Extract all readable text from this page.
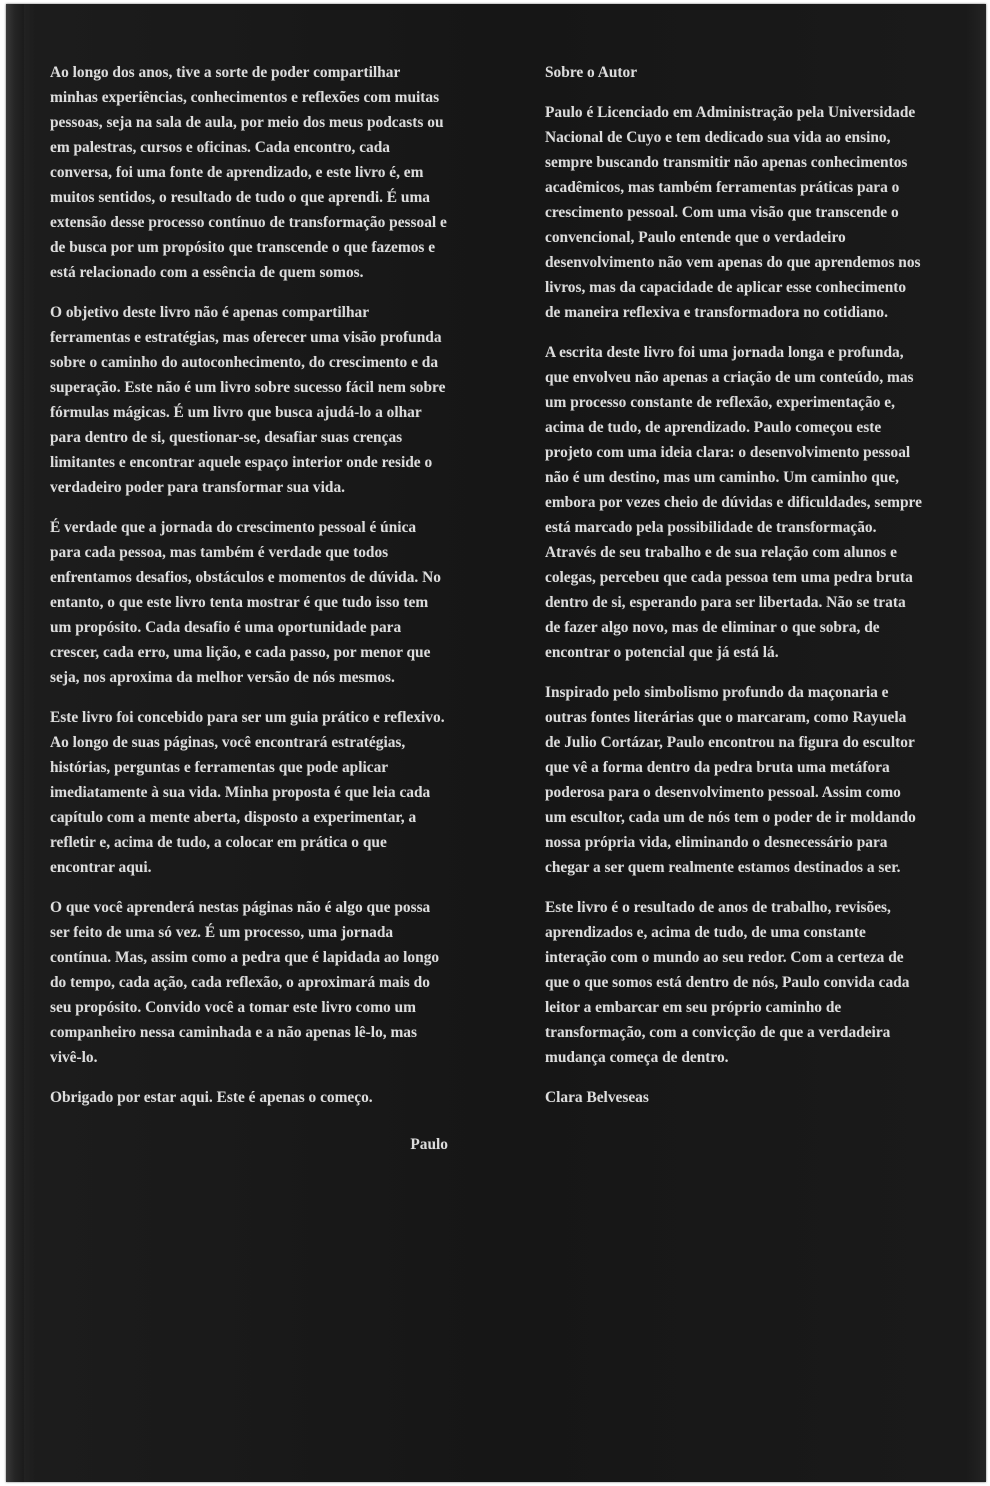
Ao longo dos anos, tive a sorte de poder compartilhar minhas experiências, conhecimentos e reflexões com muitas pessoas, seja na sala de aula, por meio dos meus podcasts ou em palestras, cursos e oficinas. Cada encontro, cada conversa, foi uma fonte de aprendizado, e este livro é, em muitos sentidos, o resultado de tudo o que aprendi. É uma extensão desse processo contínuo de transformação pessoal e de busca por um propósito que transcende o que fazemos e está relacionado com a essência de quem somos.

O objetivo deste livro não é apenas compartilhar ferramentas e estratégias, mas oferecer uma visão profunda sobre o caminho do autoconhecimento, do crescimento e da superação. Este não é um livro sobre sucesso fácil nem sobre fórmulas mágicas. É um livro que busca ajudá-lo a olhar para dentro de si, questionar-se, desafiar suas crenças limitantes e encontrar aquele espaço interior onde reside o verdadeiro poder para transformar sua vida.

É verdade que a jornada do crescimento pessoal é única para cada pessoa, mas também é verdade que todos enfrentamos desafios, obstáculos e momentos de dúvida. No entanto, o que este livro tenta mostrar é que tudo isso tem um propósito. Cada desafio é uma oportunidade para crescer, cada erro, uma lição, e cada passo, por menor que seja, nos aproxima da melhor versão de nós mesmos.

Este livro foi concebido para ser um guia prático e reflexivo. Ao longo de suas páginas, você encontrará estratégias, histórias, perguntas e ferramentas que pode aplicar imediatamente à sua vida. Minha proposta é que leia cada capítulo com a mente aberta, disposto a experimentar, a refletir e, acima de tudo, a colocar em prática o que encontrar aqui.

O que você aprenderá nestas páginas não é algo que possa ser feito de uma só vez. É um processo, uma jornada contínua. Mas, assim como a pedra que é lapidada ao longo do tempo, cada ação, cada reflexão, o aproximará mais do seu propósito. Convido você a tomar este livro como um companheiro nessa caminhada e a não apenas lê-lo, mas vivê-lo.

Obrigado por estar aqui. Este é apenas o começo.

Paulo

Sobre o Autor

Paulo é Licenciado em Administração pela Universidade Nacional de Cuyo e tem dedicado sua vida ao ensino, sempre buscando transmitir não apenas conhecimentos acadêmicos, mas também ferramentas práticas para o crescimento pessoal. Com uma visão que transcende o convencional, Paulo entende que o verdadeiro desenvolvimento não vem apenas do que aprendemos nos livros, mas da capacidade de aplicar esse conhecimento de maneira reflexiva e transformadora no cotidiano.

A escrita deste livro foi uma jornada longa e profunda, que envolveu não apenas a criação de um conteúdo, mas um processo constante de reflexão, experimentação e, acima de tudo, de aprendizado. Paulo começou este projeto com uma ideia clara: o desenvolvimento pessoal não é um destino, mas um caminho. Um caminho que, embora por vezes cheio de dúvidas e dificuldades, sempre está marcado pela possibilidade de transformação. Através de seu trabalho e de sua relação com alunos e colegas, percebeu que cada pessoa tem uma pedra bruta dentro de si, esperando para ser libertada. Não se trata de fazer algo novo, mas de eliminar o que sobra, de encontrar o potencial que já está lá.

Inspirado pelo simbolismo profundo da maçonaria e outras fontes literárias que o marcaram, como Rayuela de Julio Cortázar, Paulo encontrou na figura do escultor que vê a forma dentro da pedra bruta uma metáfora poderosa para o desenvolvimento pessoal. Assim como um escultor, cada um de nós tem o poder de ir moldando nossa própria vida, eliminando o desnecessário para chegar a ser quem realmente estamos destinados a ser.

Este livro é o resultado de anos de trabalho, revisões, aprendizados e, acima de tudo, de uma constante interação com o mundo ao seu redor. Com a certeza de que o que somos está dentro de nós, Paulo convida cada leitor a embarcar em seu próprio caminho de transformação, com a convicção de que a verdadeira mudança começa de dentro.

Clara Belveseas
